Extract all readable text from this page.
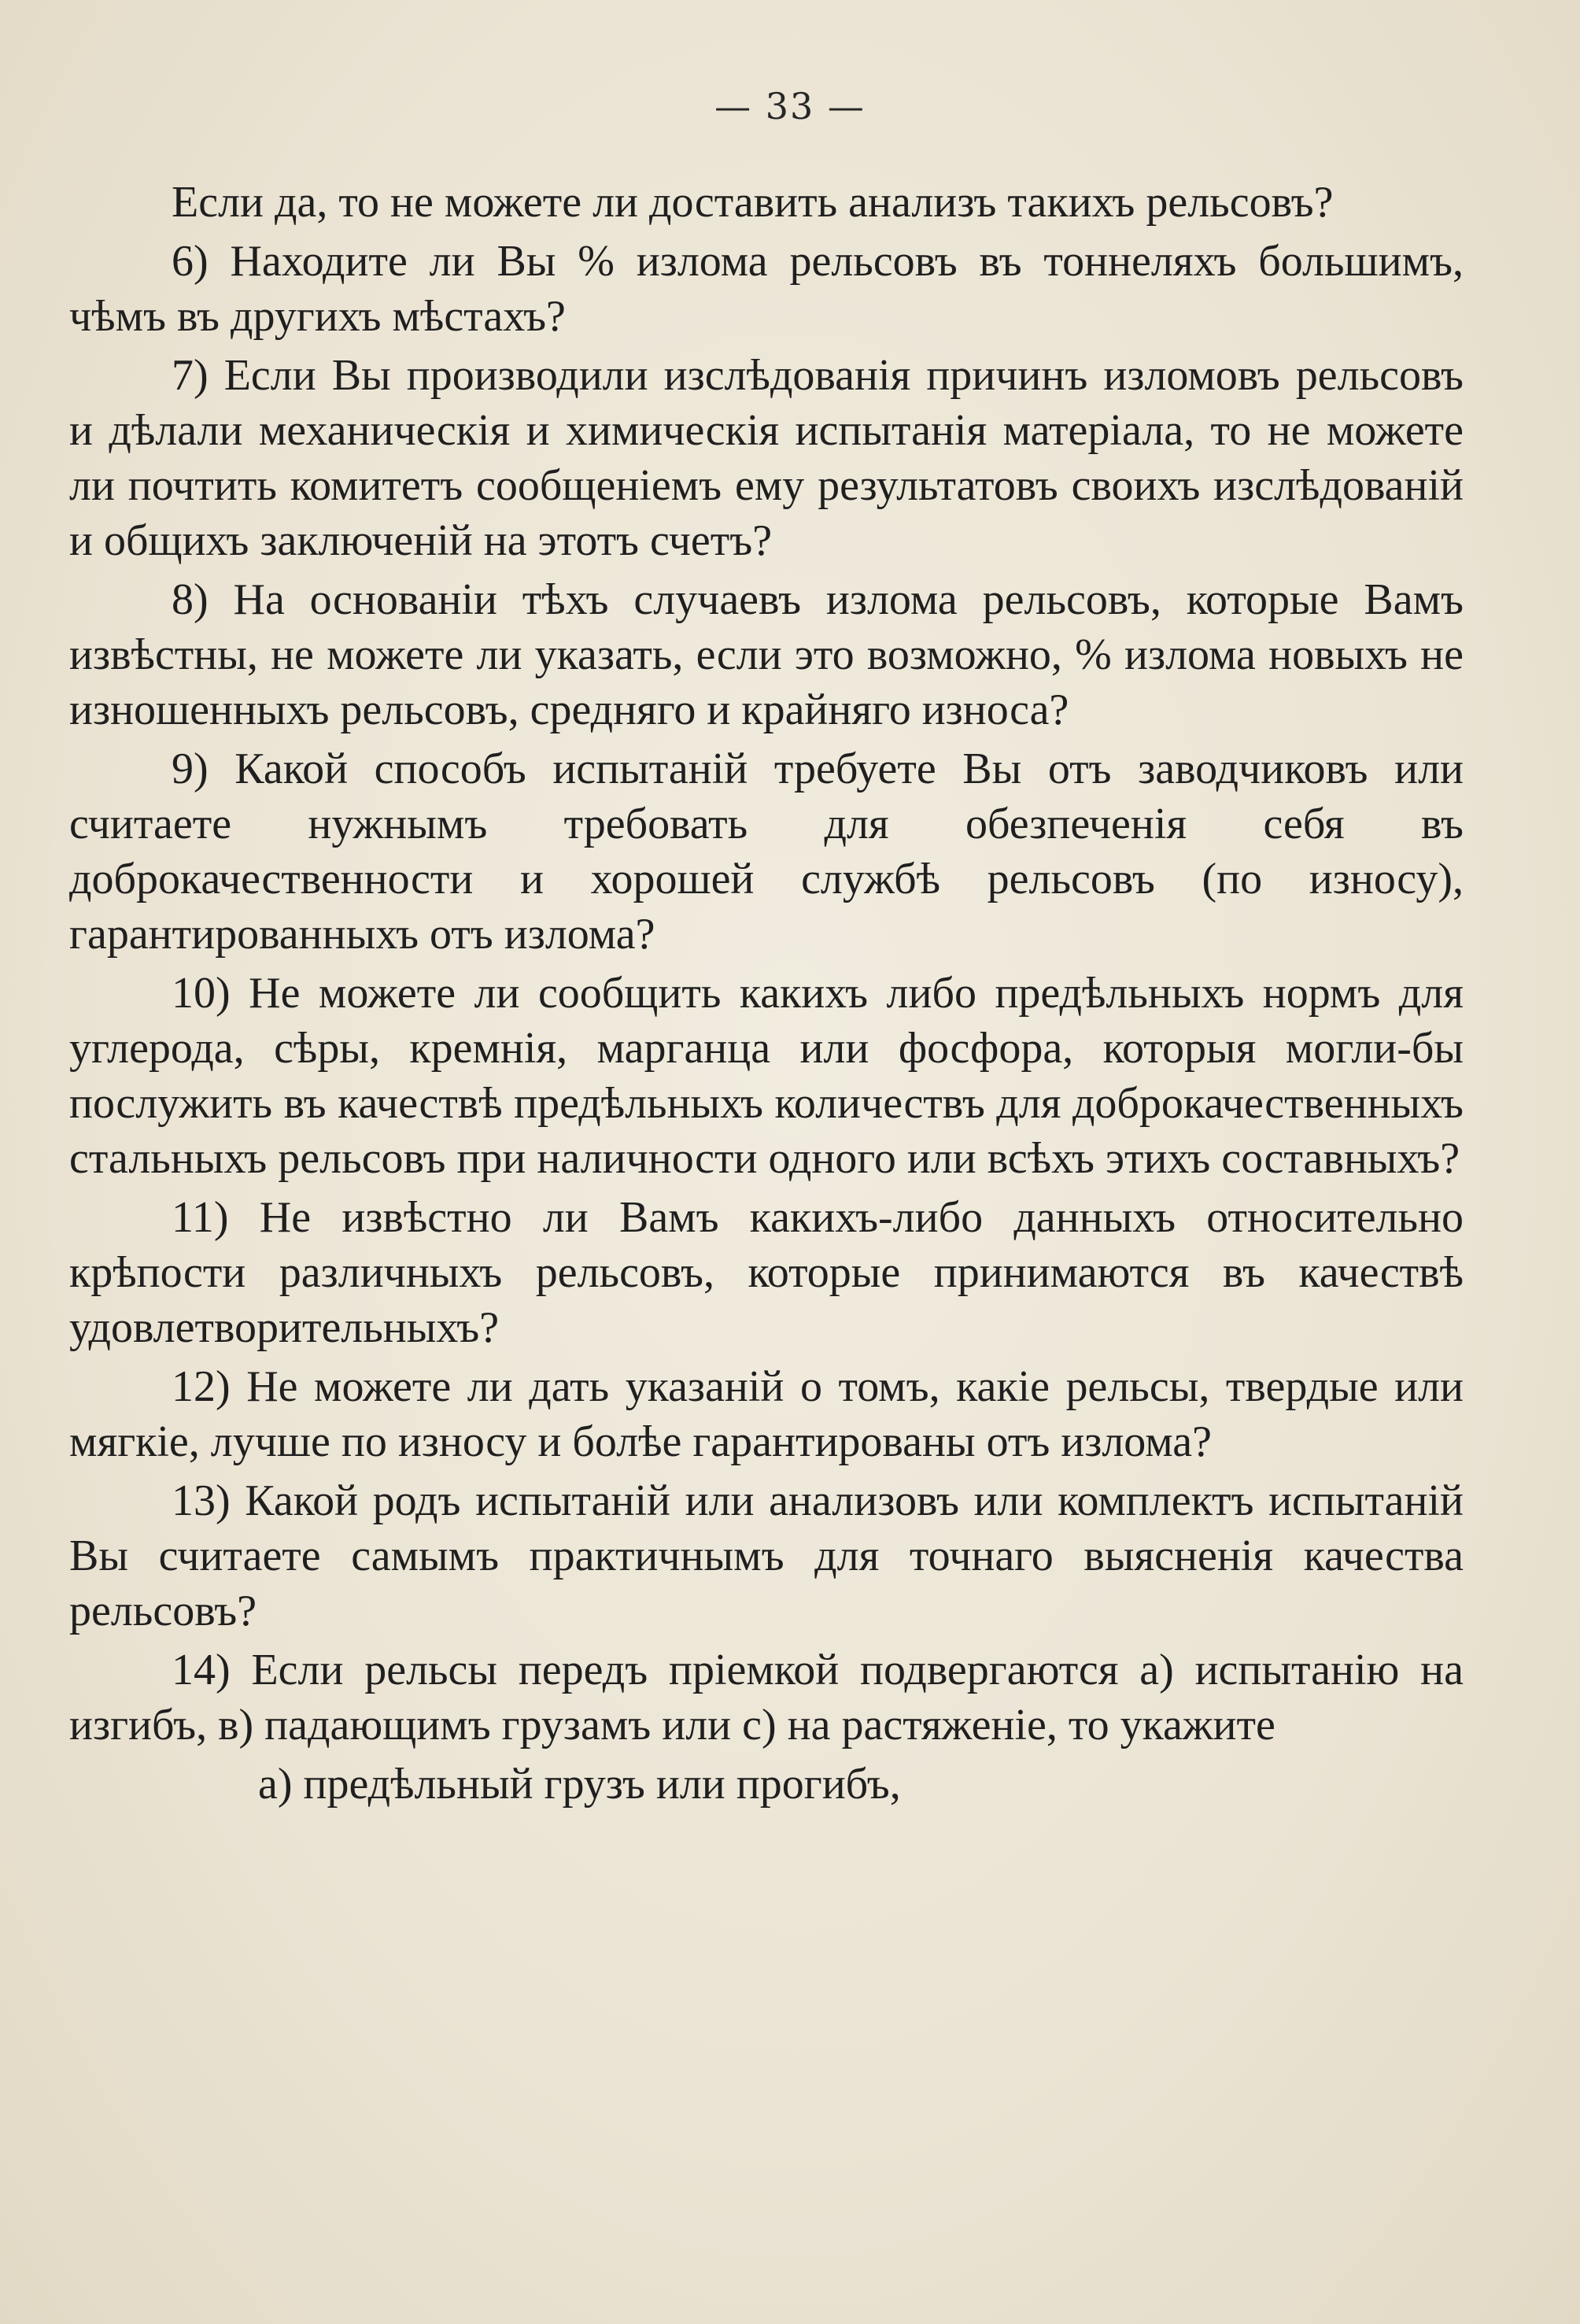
— 33 —

Если да, то не можете ли доставить анализъ такихъ рельсовъ?

6) Находите ли Вы % излома рельсовъ въ тоннеляхъ большимъ, чѣмъ въ другихъ мѣстахъ?

7) Если Вы производили изслѣдованія причинъ изломовъ рельсовъ и дѣлали механическія и химическія испытанія матеріала, то не можете ли почтить комитетъ сообщеніемъ ему результатовъ своихъ изслѣдованій и общихъ заключеній на этотъ счетъ?

8) На основаніи тѣхъ случаевъ излома рельсовъ, которые Вамъ извѣстны, не можете ли указать, если это возможно, % излома новыхъ не изношенныхъ рельсовъ, средняго и крайняго износа?

9) Какой способъ испытаній требуете Вы отъ заводчиковъ или считаете нужнымъ требовать для обезпеченія себя въ доброкачественности и хорошей службѣ рельсовъ (по износу), гарантированныхъ отъ излома?

10) Не можете ли сообщить какихъ либо предѣльныхъ нормъ для углерода, сѣры, кремнія, марганца или фосфора, которыя могли-бы послужить въ качествѣ предѣльныхъ количествъ для доброкачественныхъ стальныхъ рельсовъ при наличности одного или всѣхъ этихъ составныхъ?

11) Не извѣстно ли Вамъ какихъ-либо данныхъ относительно крѣпости различныхъ рельсовъ, которые принимаются въ качествѣ удовлетворительныхъ?

12) Не можете ли дать указаній о томъ, какіе рельсы, твердые или мягкіе, лучше по износу и болѣе гарантированы отъ излома?

13) Какой родъ испытаній или анализовъ или комплектъ испытаній Вы считаете самымъ практичнымъ для точнаго выясненія качества рельсовъ?

14) Если рельсы передъ пріемкой подвергаются a) испытанію на изгибъ, в) падающимъ грузамъ или c) на растяженіе, то укажите

a) предѣльный грузъ или прогибъ,
